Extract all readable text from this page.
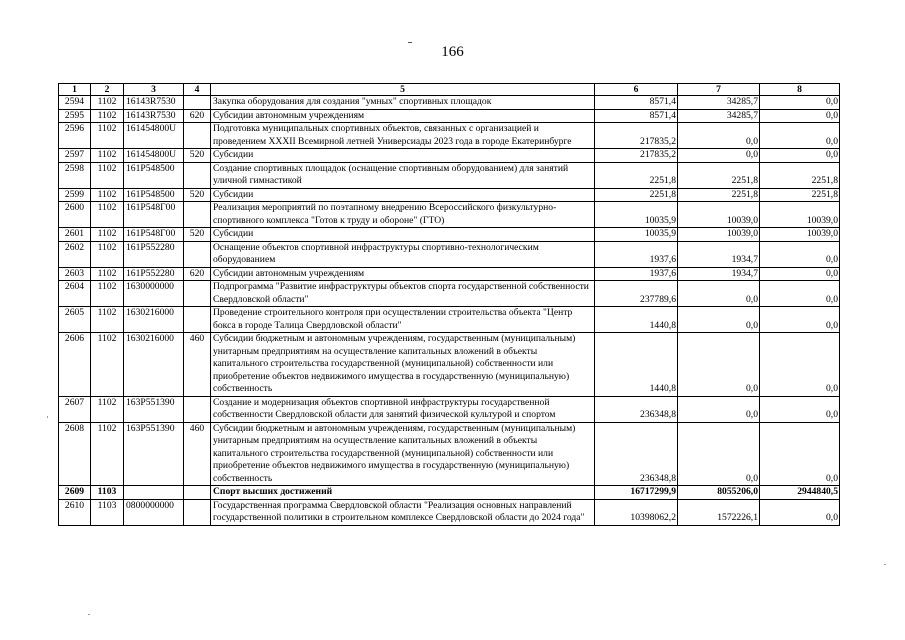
166
1	2	3	4	5	6	7	8
2594	1102	16143R7530		Закупка оборудования для создания "умных" спортивных площадок	8571,4	34285,7	0,0
2595	1102	16143R7530	620	Субсидии автономным учреждениям	8571,4	34285,7	0,0
2596	1102	161454800U		Подготовка муниципальных спортивных объектов, связанных с организацией и проведением XXXII Всемирной летней Универсиады 2023 года в городе Екатеринбурге	217835,2	0,0	0,0
2597	1102	161454800U	520	Субсидии	217835,2	0,0	0,0
2598	1102	161P548500		Создание спортивных площадок (оснащение спортивным оборудованием) для занятий уличной гимнастикой	2251,8	2251,8	2251,8
2599	1102	161P548500	520	Субсидии	2251,8	2251,8	2251,8
2600	1102	161P548Г00		Реализация мероприятий по поэтапному внедрению Всероссийского физкультурно-спортивного комплекса "Готов к труду и обороне" (ГТО)	10035,9	10039,0	10039,0
2601	1102	161P548Г00	520	Субсидии	10035,9	10039,0	10039,0
2602	1102	161P552280		Оснащение объектов спортивной инфраструктуры спортивно-технологическим оборудованием	1937,6	1934,7	0,0
2603	1102	161P552280	620	Субсидии автономным учреждениям	1937,6	1934,7	0,0
2604	1102	1630000000		Подпрограмма "Развитие инфраструктуры объектов спорта государственной собственности Свердловской области"	237789,6	0,0	0,0
2605	1102	1630216000		Проведение строительного контроля при осуществлении строительства объекта "Центр бокса в городе Талица Свердловской области"	1440,8	0,0	0,0
2606	1102	1630216000	460	Субсидии бюджетным и автономным учреждениям, государственным (муниципальным) унитарным предприятиям на осуществление капитальных вложений в объекты капитального строительства государственной (муниципальной) собственности или приобретение объектов недвижимого имущества в государственную (муниципальную) собственность	1440,8	0,0	0,0
2607	1102	163P551390		Создание и модернизация объектов спортивной инфраструктуры государственной собственности Свердловской области для занятий физической культурой и спортом	236348,8	0,0	0,0
2608	1102	163P551390	460	Субсидии бюджетным и автономным учреждениям, государственным (муниципальным) унитарным предприятиям на осуществление капитальных вложений в объекты капитального строительства государственной (муниципальной) собственности или приобретение объектов недвижимого имущества в государственную (муниципальную) собственность	236348,8	0,0	0,0
2609	1103			Спорт высших достижений	16717299,9	8055206,0	2944840,5
2610	1103	0800000000		Государственная программа Свердловской области "Реализация основных направлений государственной политики в строительном комплексе Свердловской области до 2024 года"	10398062,2	1572226,1	0,0
